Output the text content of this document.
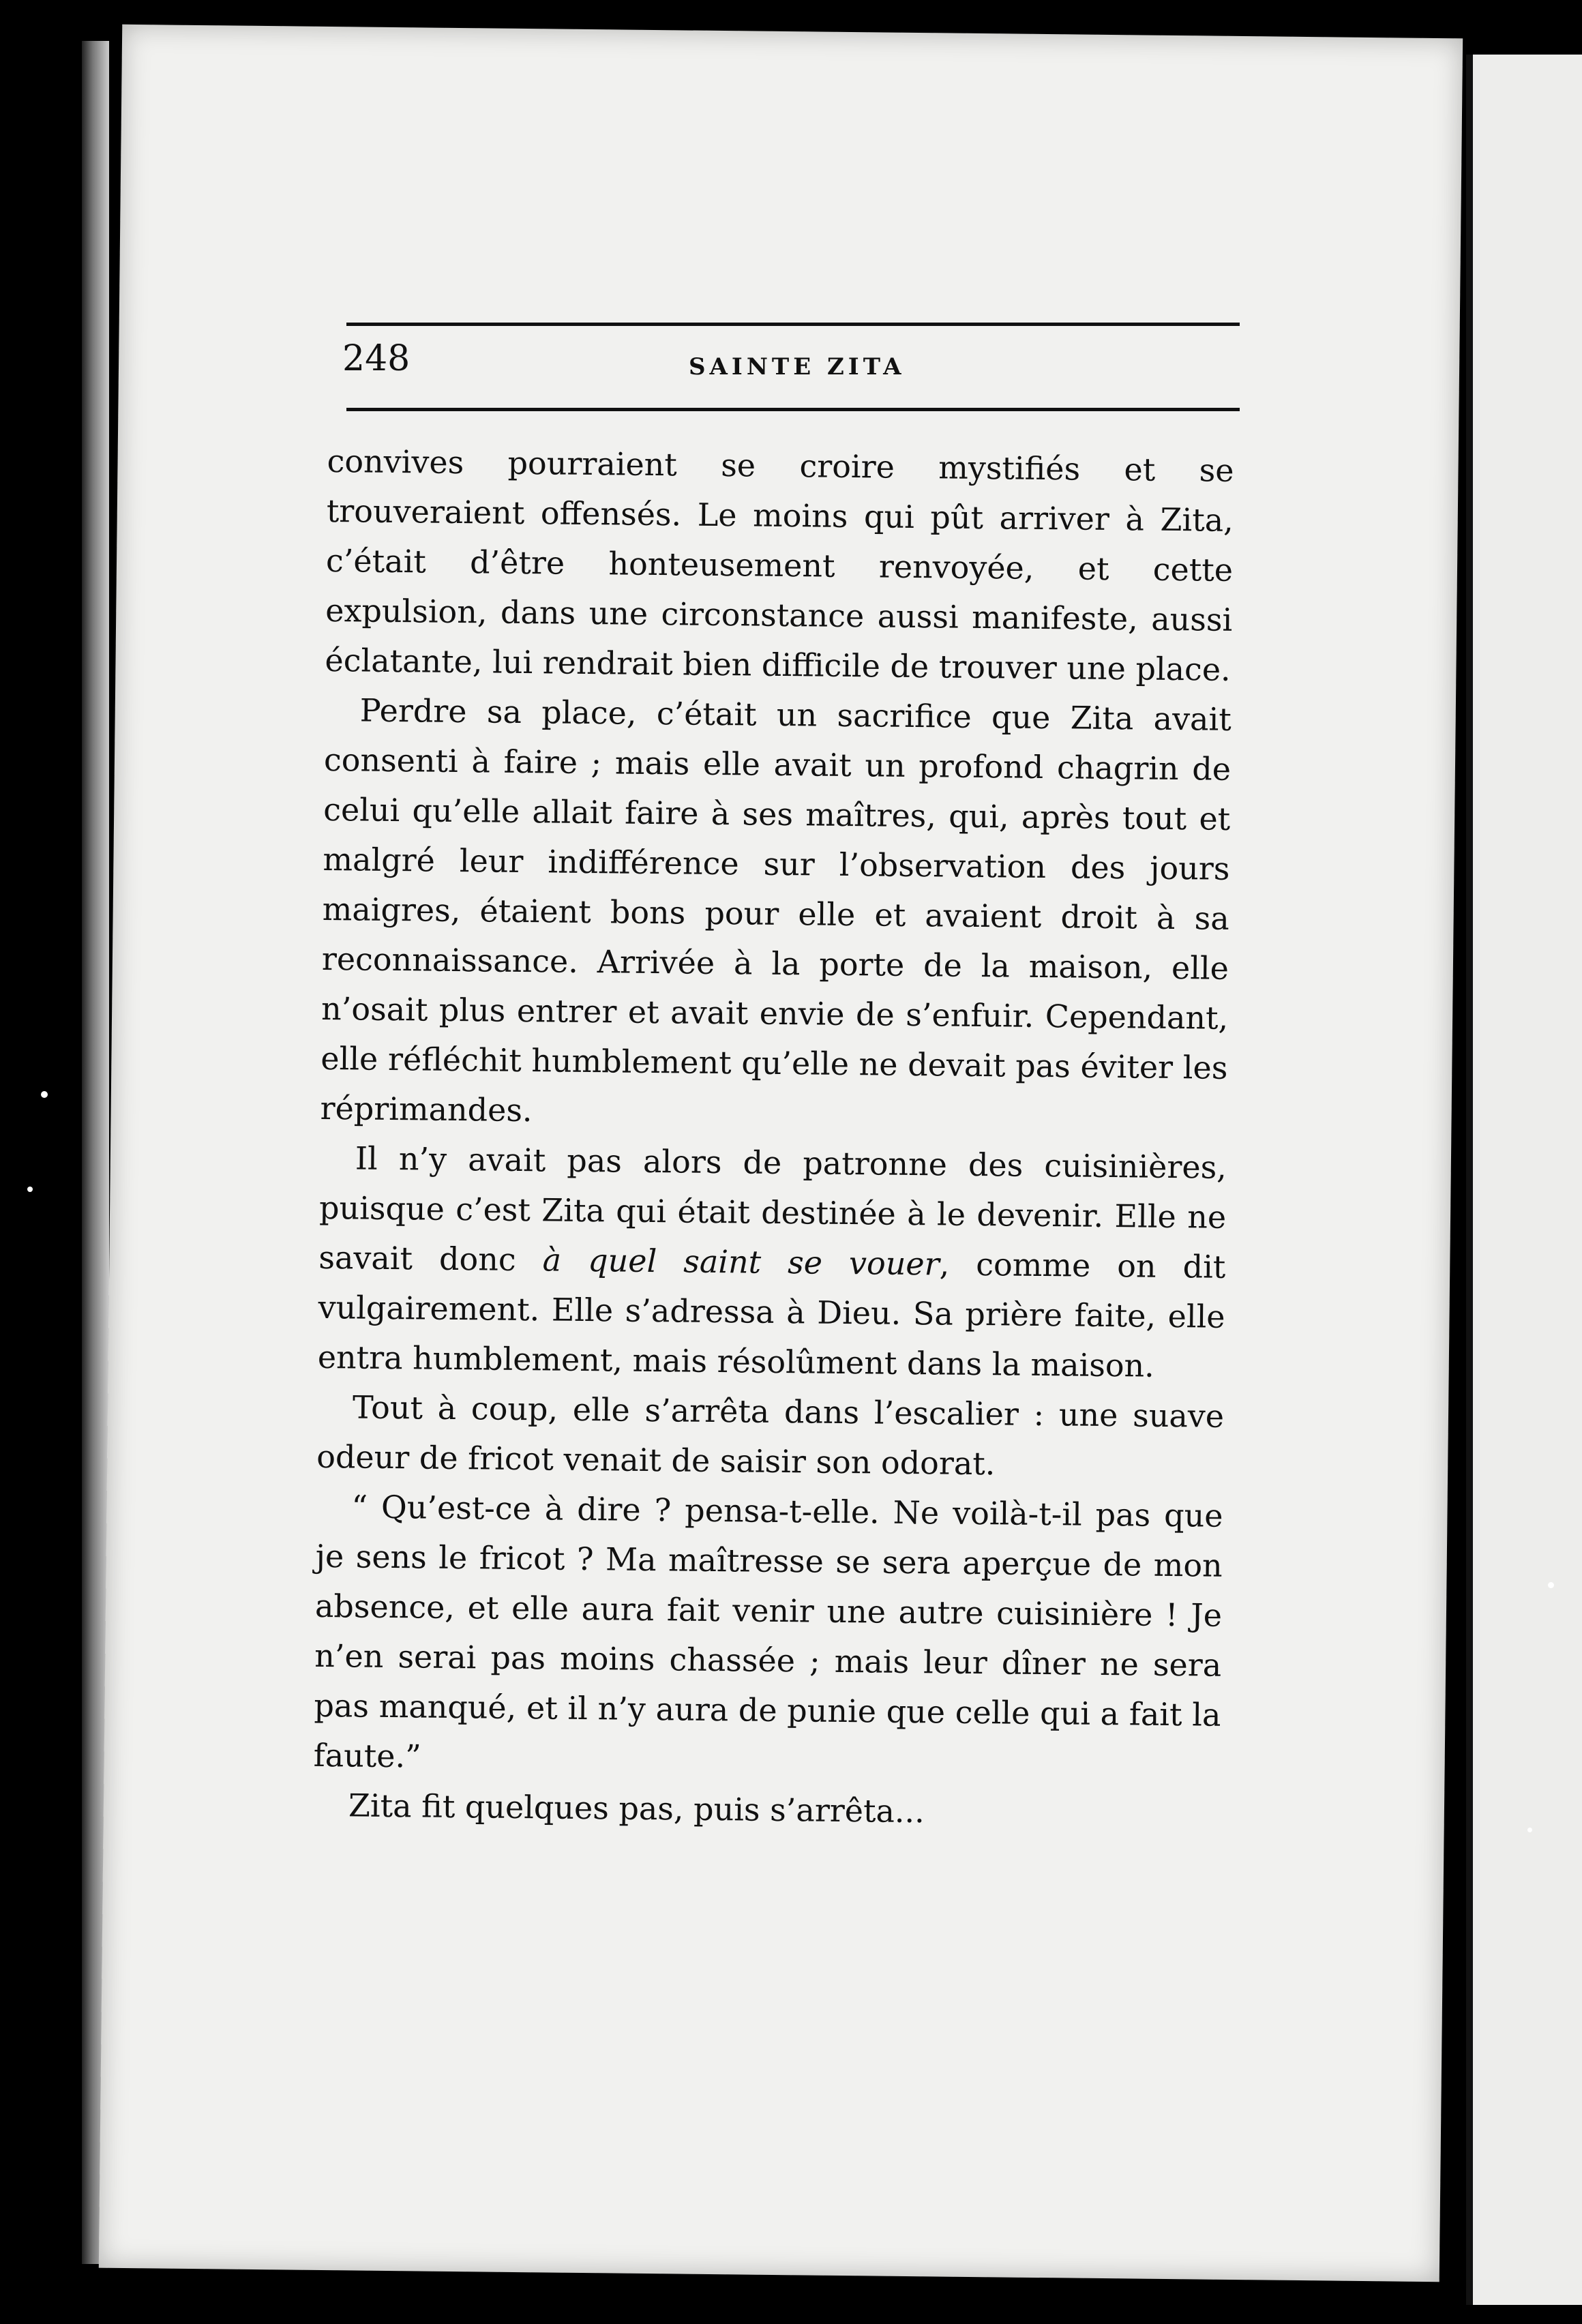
248	SAINTE ZITA

convives pourraient se croire mystifiés et se trouveraient offensés. Le moins qui pût arriver à Zita, c’était d’être honteusement renvoyée, et cette expulsion, dans une circonstance aussi manifeste, aussi éclatante, lui rendrait bien difficile de trouver une place.

Perdre sa place, c’était un sacrifice que Zita avait consenti à faire ; mais elle avait un profond chagrin de celui qu’elle allait faire à ses maîtres, qui, après tout et malgré leur indifférence sur l’observation des jours maigres, étaient bons pour elle et avaient droit à sa reconnaissance. Arrivée à la porte de la maison, elle n’osait plus entrer et avait envie de s’enfuir. Cependant, elle réfléchit humblement qu’elle ne devait pas éviter les réprimandes.

Il n’y avait pas alors de patronne des cuisinières, puisque c’est Zita qui était destinée à le devenir. Elle ne savait donc à quel saint se vouer, comme on dit vulgairement. Elle s’adressa à Dieu. Sa prière faite, elle entra humblement, mais résolûment dans la maison.

Tout à coup, elle s’arrêta dans l’escalier : une suave odeur de fricot venait de saisir son odorat.

“ Qu’est-ce à dire ? pensa-t-elle. Ne voilà-t-il pas que je sens le fricot ? Ma maîtresse se sera aperçue de mon absence, et elle aura fait venir une autre cuisinière ! Je n’en serai pas moins chassée ; mais leur dîner ne sera pas manqué, et il n’y aura de punie que celle qui a fait la faute.”

Zita fit quelques pas, puis s’arrêta...
